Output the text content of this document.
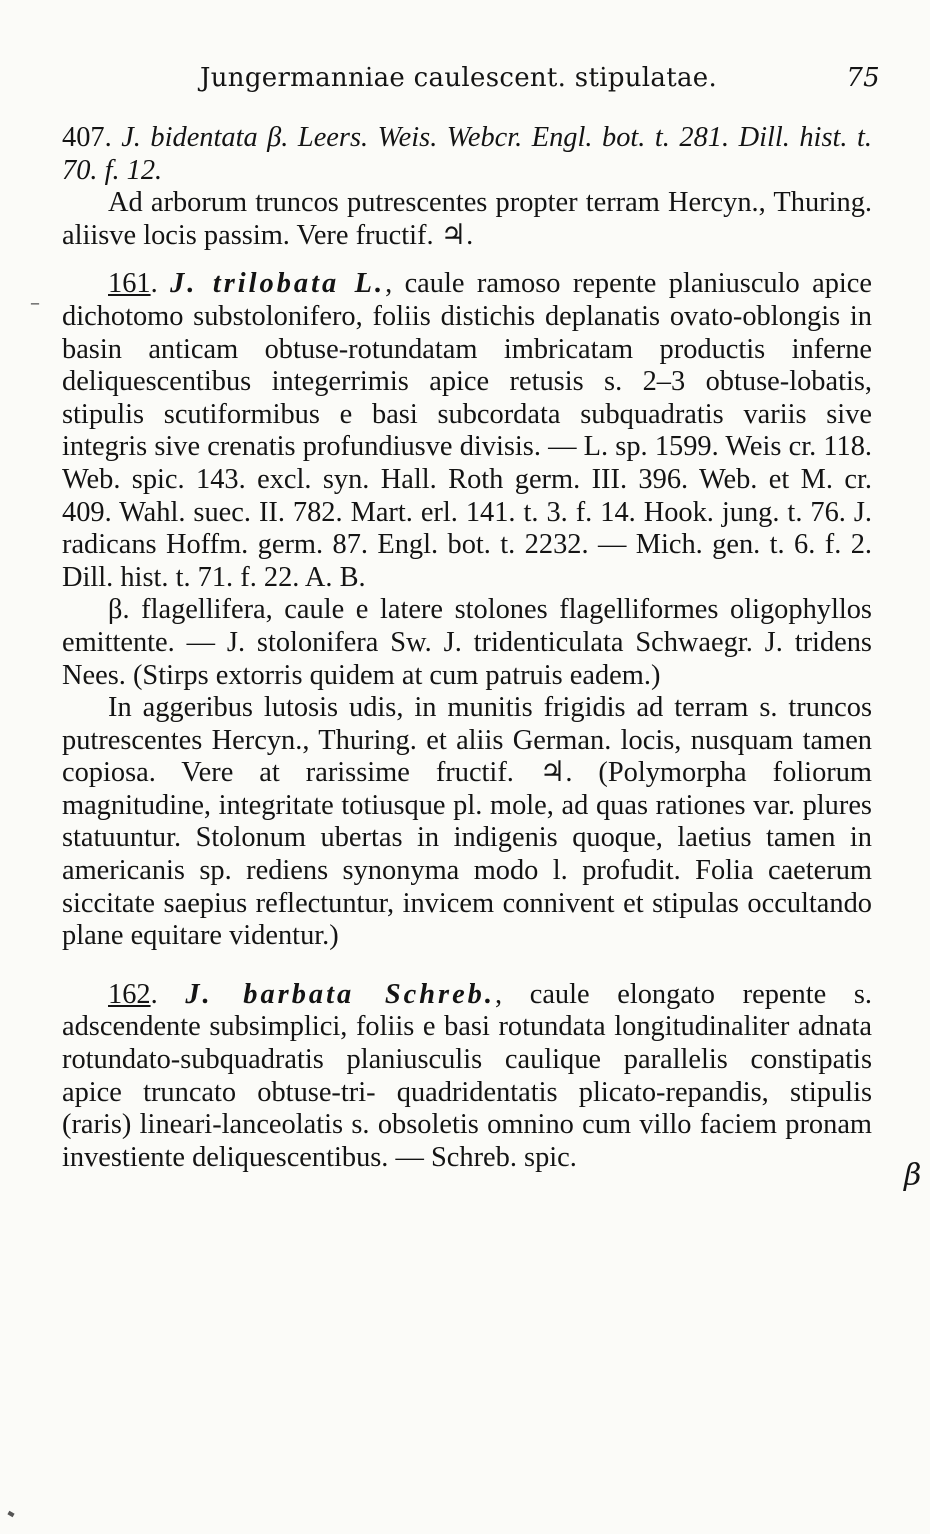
Jungermanniae caulescent. stipulatae.	75
–

407. J. bidentata β. Leers. Weis. Webcr. Engl. bot. t. 281. Dill. hist. t. 70. f. 12.

Ad arborum truncos putrescentes propter terram Hercyn., Thuring. aliisve locis passim. Vere fructif. ♃.

161. J. trilobata L., caule ramoso repente planiusculo apice dichotomo substolonifero, foliis distichis deplanatis ovato-oblongis in basin anticam obtuse-rotundatam imbricatam productis inferne deliquescentibus integerrimis apice retusis s. 2–3 obtuse-lobatis, stipulis scutiformibus e basi subcordata subquadratis variis sive integris sive crenatis profundiusve divisis. — L. sp. 1599. Weis cr. 118. Web. spic. 143. excl. syn. Hall. Roth germ. III. 396. Web. et M. cr. 409. Wahl. suec. II. 782. Mart. erl. 141. t. 3. f. 14. Hook. jung. t. 76. J. radicans Hoffm. germ. 87. Engl. bot. t. 2232. — Mich. gen. t. 6. f. 2. Dill. hist. t. 71. f. 22. A. B.

β. flagellifera, caule e latere stolones flagelliformes oligophyllos emittente. — J. stolonifera Sw. J. tridenticulata Schwaegr. J. tridens Nees. (Stirps extorris quidem at cum patruis eadem.)

In aggeribus lutosis udis, in munitis frigidis ad terram s. truncos putrescentes Hercyn., Thuring. et aliis German. locis, nusquam tamen copiosa. Vere at rarissime fructif. ♃. (Polymorpha foliorum magnitudine, integritate totiusque pl. mole, ad quas rationes var. plures statuuntur. Stolonum ubertas in indigenis quoque, laetius tamen in americanis sp. rediens synonyma modo l. profudit. Folia caeterum siccitate saepius reflectuntur, invicem connivent et stipulas occultando plane equitare videntur.)

162. J. barbata Schreb., caule elongato repente s. adscendente subsimplici, foliis e basi rotundata longitudinaliter adnata rotundato-subquadratis planiusculis caulique parallelis constipatis apice truncato obtuse-tri- quadridentatis plicato-repandis, stipulis (raris) lineari-lanceolatis s. obsoletis omnino cum villo faciem pronam investiente deliquescentibus. — Schreb. spic.

β
